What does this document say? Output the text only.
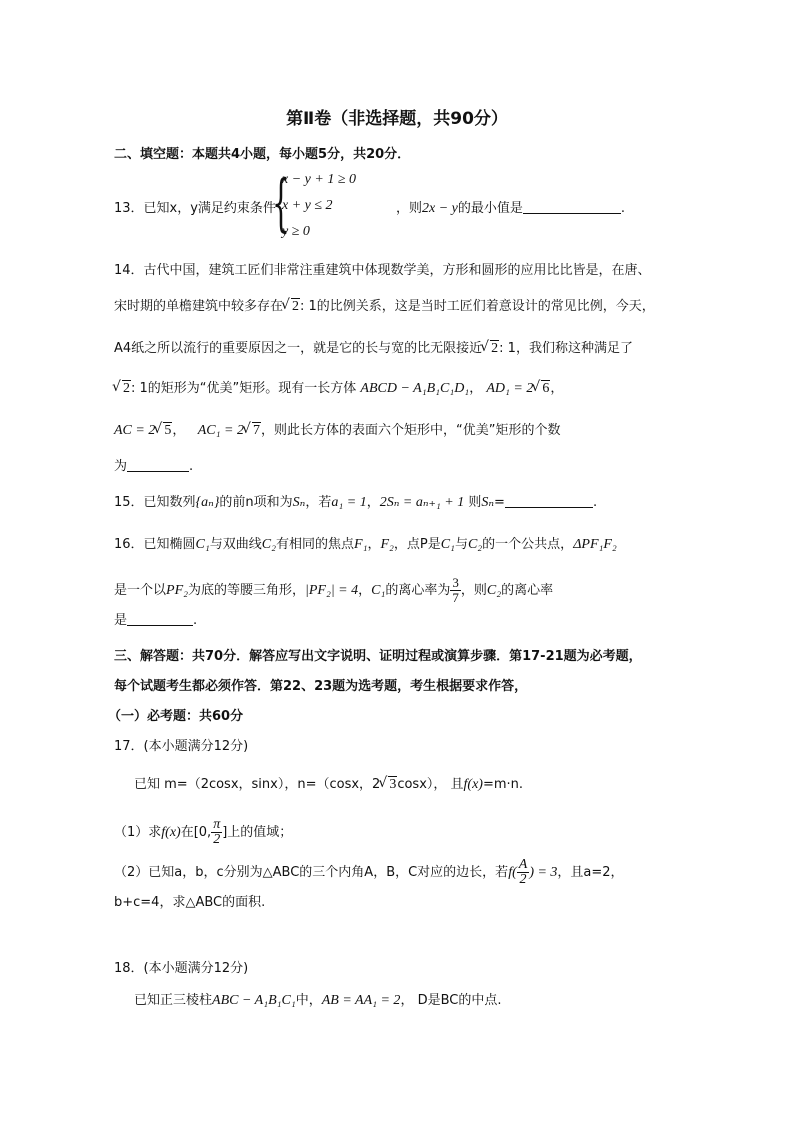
第Ⅱ卷（非选择题，共90分）
二、填空题：本题共4小题，每小题5分，共20分．
13．已知x，y满足约束条件
{
x − y + 1 ≥ 0
x + y ≤ 2
y ≥ 0
，则2x − y的最小值是	.
14．古代中国，建筑工匠们非常注重建筑中体现数学美，方形和圆形的应用比比皆是，在唐、
宋时期的单檐建筑中较多存在 √ 2: 1的比例关系，这是当时工匠们着意设计的常见比例，今天，
A4纸之所以流行的重要原因之一，就是它的长与宽的比无限接近 √ 2: 1，我们称这种满足了
√ 2: 1的矩形为“优美”矩形。现有一长方体 ABCD − A₁B₁C₁D₁， AD₁ = 2 √ 6，
AC = 2 √ 5，   AC₁ = 2 √ 7，则此长方体的表面六个矩形中，“优美”矩形的个数
为	.
15．已知数列{aₙ}的前n项和为Sₙ，若a₁ = 1，2Sₙ = aₙ₊₁ + 1 则Sₙ=	.
16．已知椭圆C₁与双曲线C₂有相同的焦点F₁，F₂，点P是C₁与C₂的一个公共点，ΔPF₁F₂
是一个以PF₂为底的等腰三角形，|PF₂| = 4，C₁的离心率为 $\frac{3}{7}$ ，则C₂的离心率
是	.
三、解答题：共70分．解答应写出文字说明、证明过程或演算步骤．第17-21题为必考题，
每个试题考生都必须作答．第22、23题为选考题，考生根据要求作答，
（一）必考题：共60分
17．(本小题满分12分)
已知 m=（2cosx，sinx），n=（cosx，2 √ 3cosx）， 且f(x)=m·n.
（1）求f(x)在[0, $\frac{\pi}{2}$ ]上的值域；
（2）已知a，b，c分别为△ABC的三个内角A，B，C对应的边长，若$f( \frac{A}{2}$ ) = 3，且a=2，
b+c=4，求△ABC的面积.
18．(本小题满分12分)
已知正三棱柱ABC − A₁B₁C₁中，AB = AA₁ = 2， D是BC的中点.
